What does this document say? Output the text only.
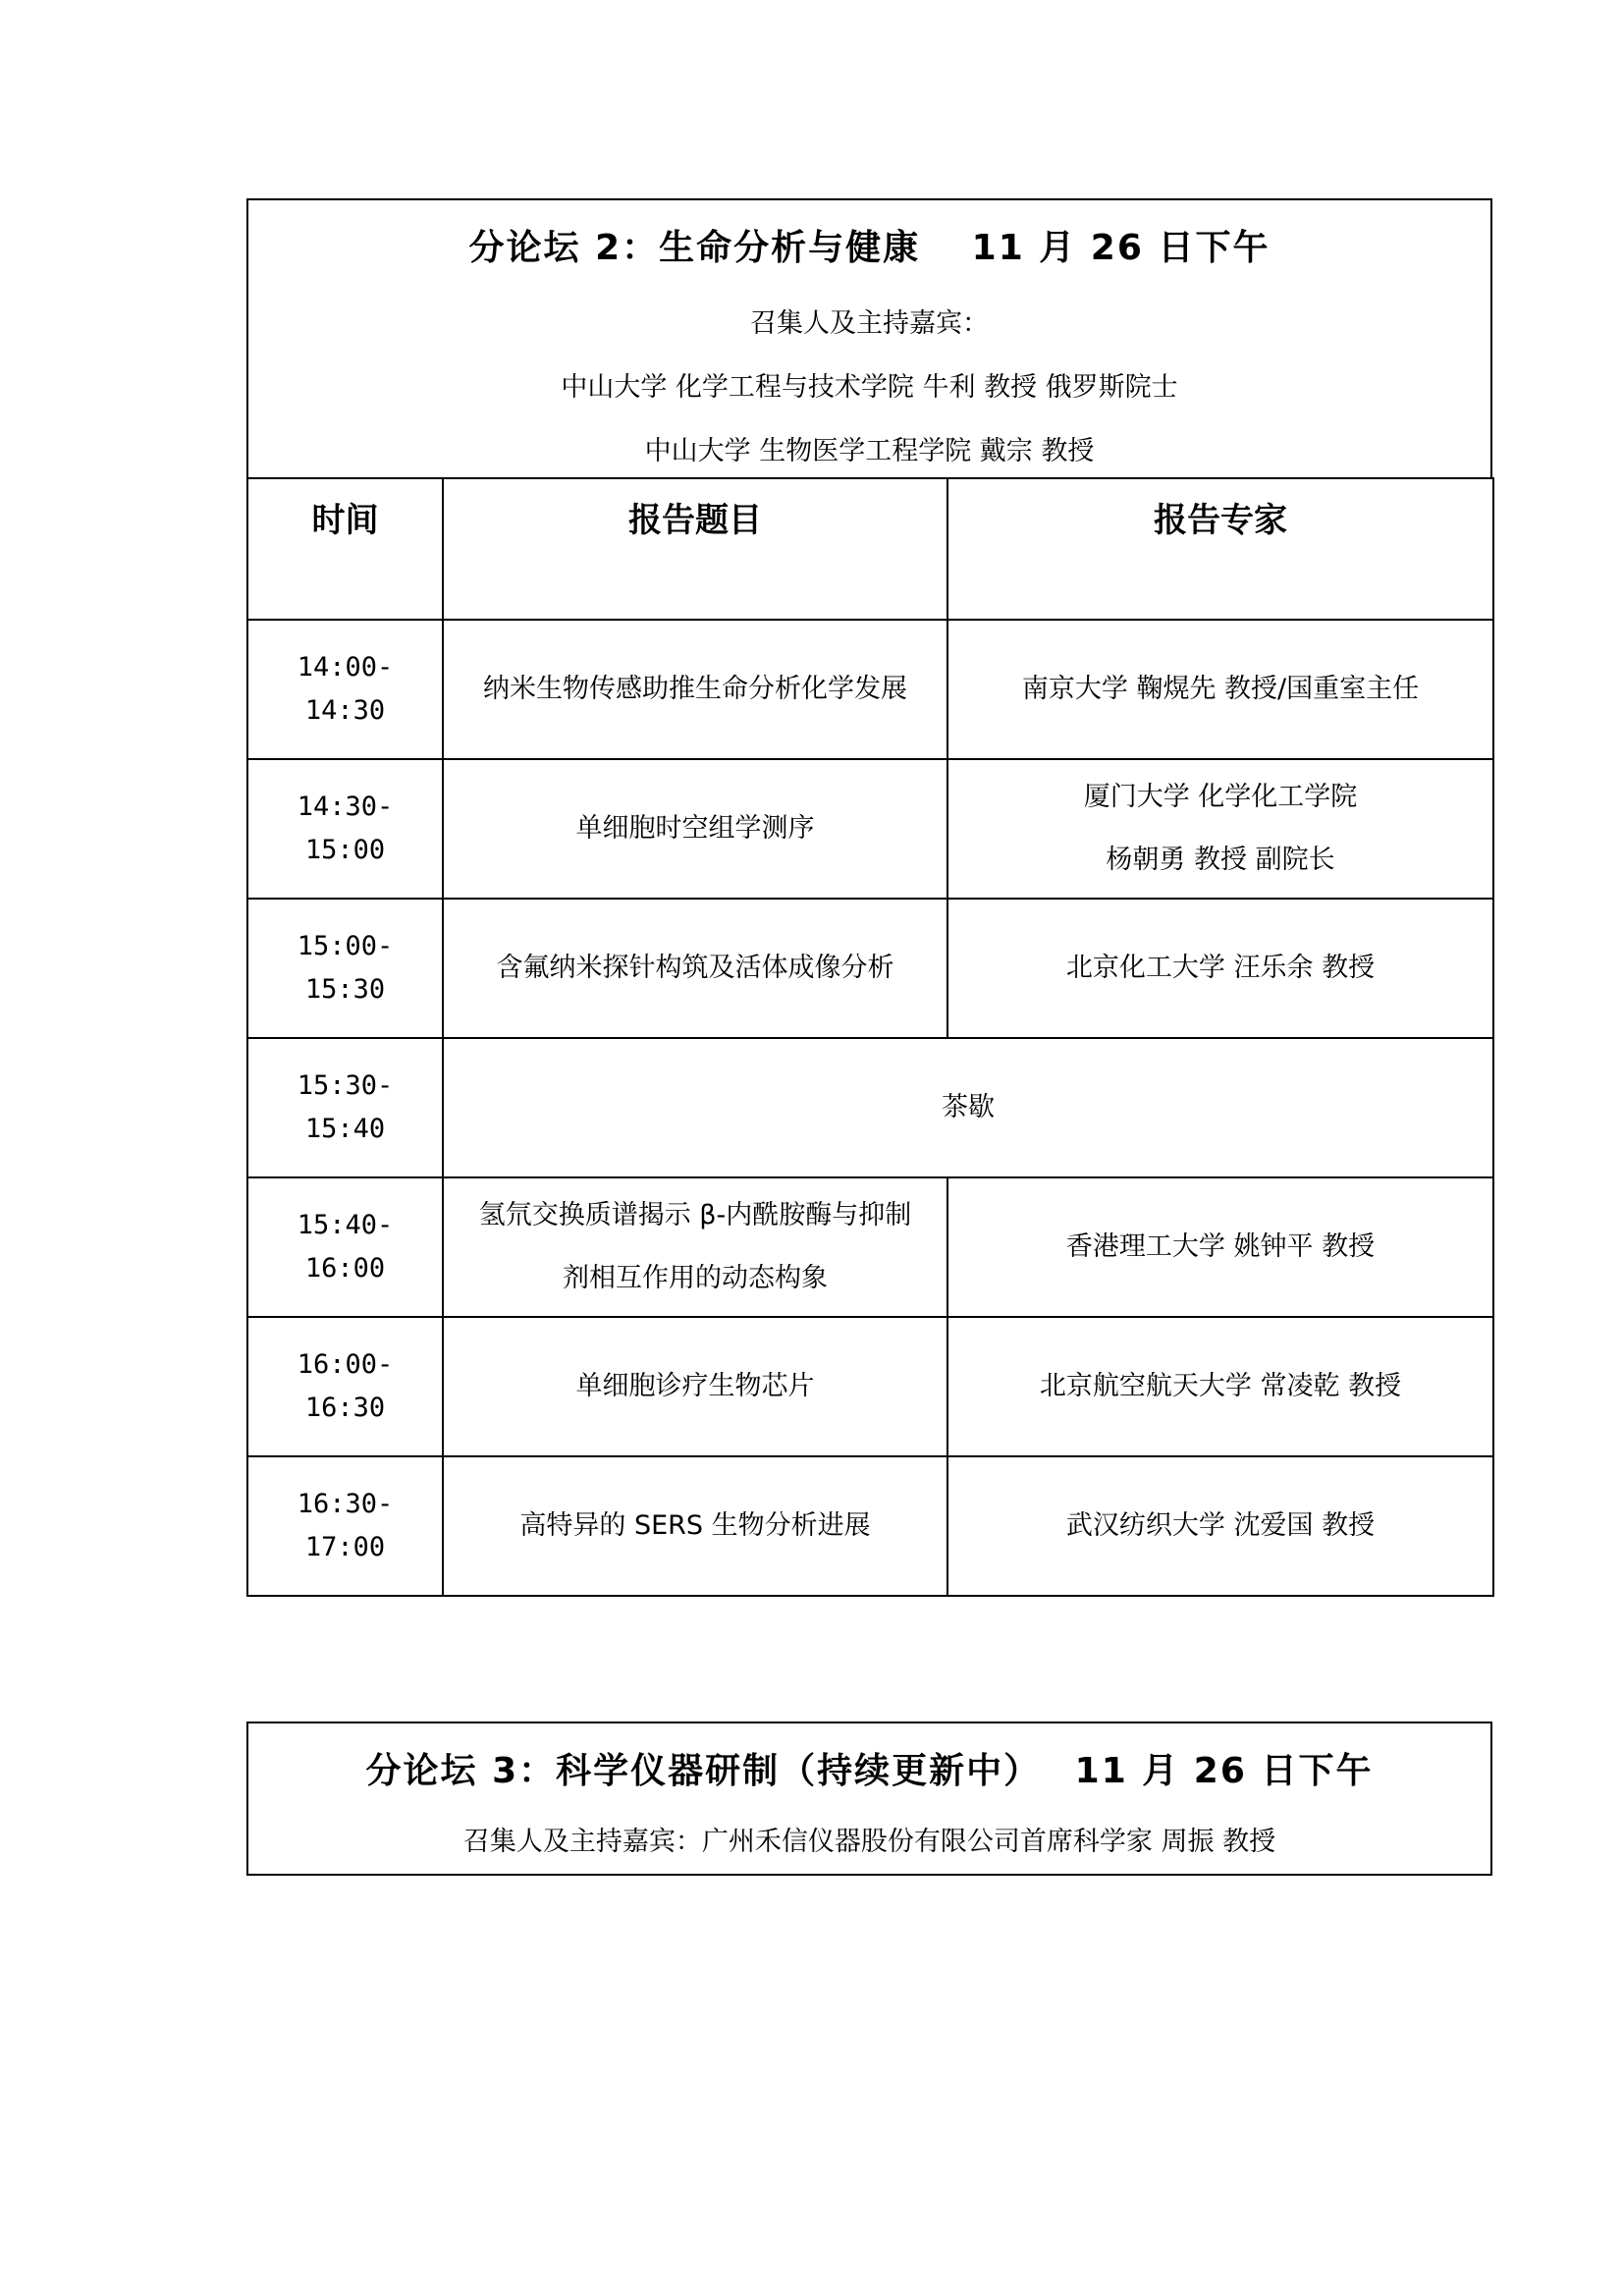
分论坛 2：生命分析与健康　 11 月 26 日下午
召集人及主持嘉宾：
中山大学 化学工程与技术学院 牛利 教授 俄罗斯院士
中山大学 生物医学工程学院 戴宗 教授
时间	报告题目	报告专家
14:00-14:30	纳米生物传感助推生命分析化学发展	南京大学 鞠熀先 教授/国重室主任

14:30-15:00	单细胞时空组学测序	厦门大学 化学化工学院
杨朝勇 教授 副院长

15:00-15:30	含氟纳米探针构筑及活体成像分析	北京化工大学 汪乐余 教授

15:30-15:40	茶歇	
15:40-16:00	氢氘交换质谱揭示 β-内酰胺酶与抑制
剂相互作用的动态构象	香港理工大学 姚钟平 教授

16:00-16:30	单细胞诊疗生物芯片	北京航空航天大学 常凌乾 教授

16:30-17:00	高特异的 SERS 生物分析进展	武汉纺织大学 沈爱国 教授
分论坛 3：科学仪器研制（持续更新中）　 11 月 26 日下午
召集人及主持嘉宾：广州禾信仪器股份有限公司首席科学家 周振 教授
